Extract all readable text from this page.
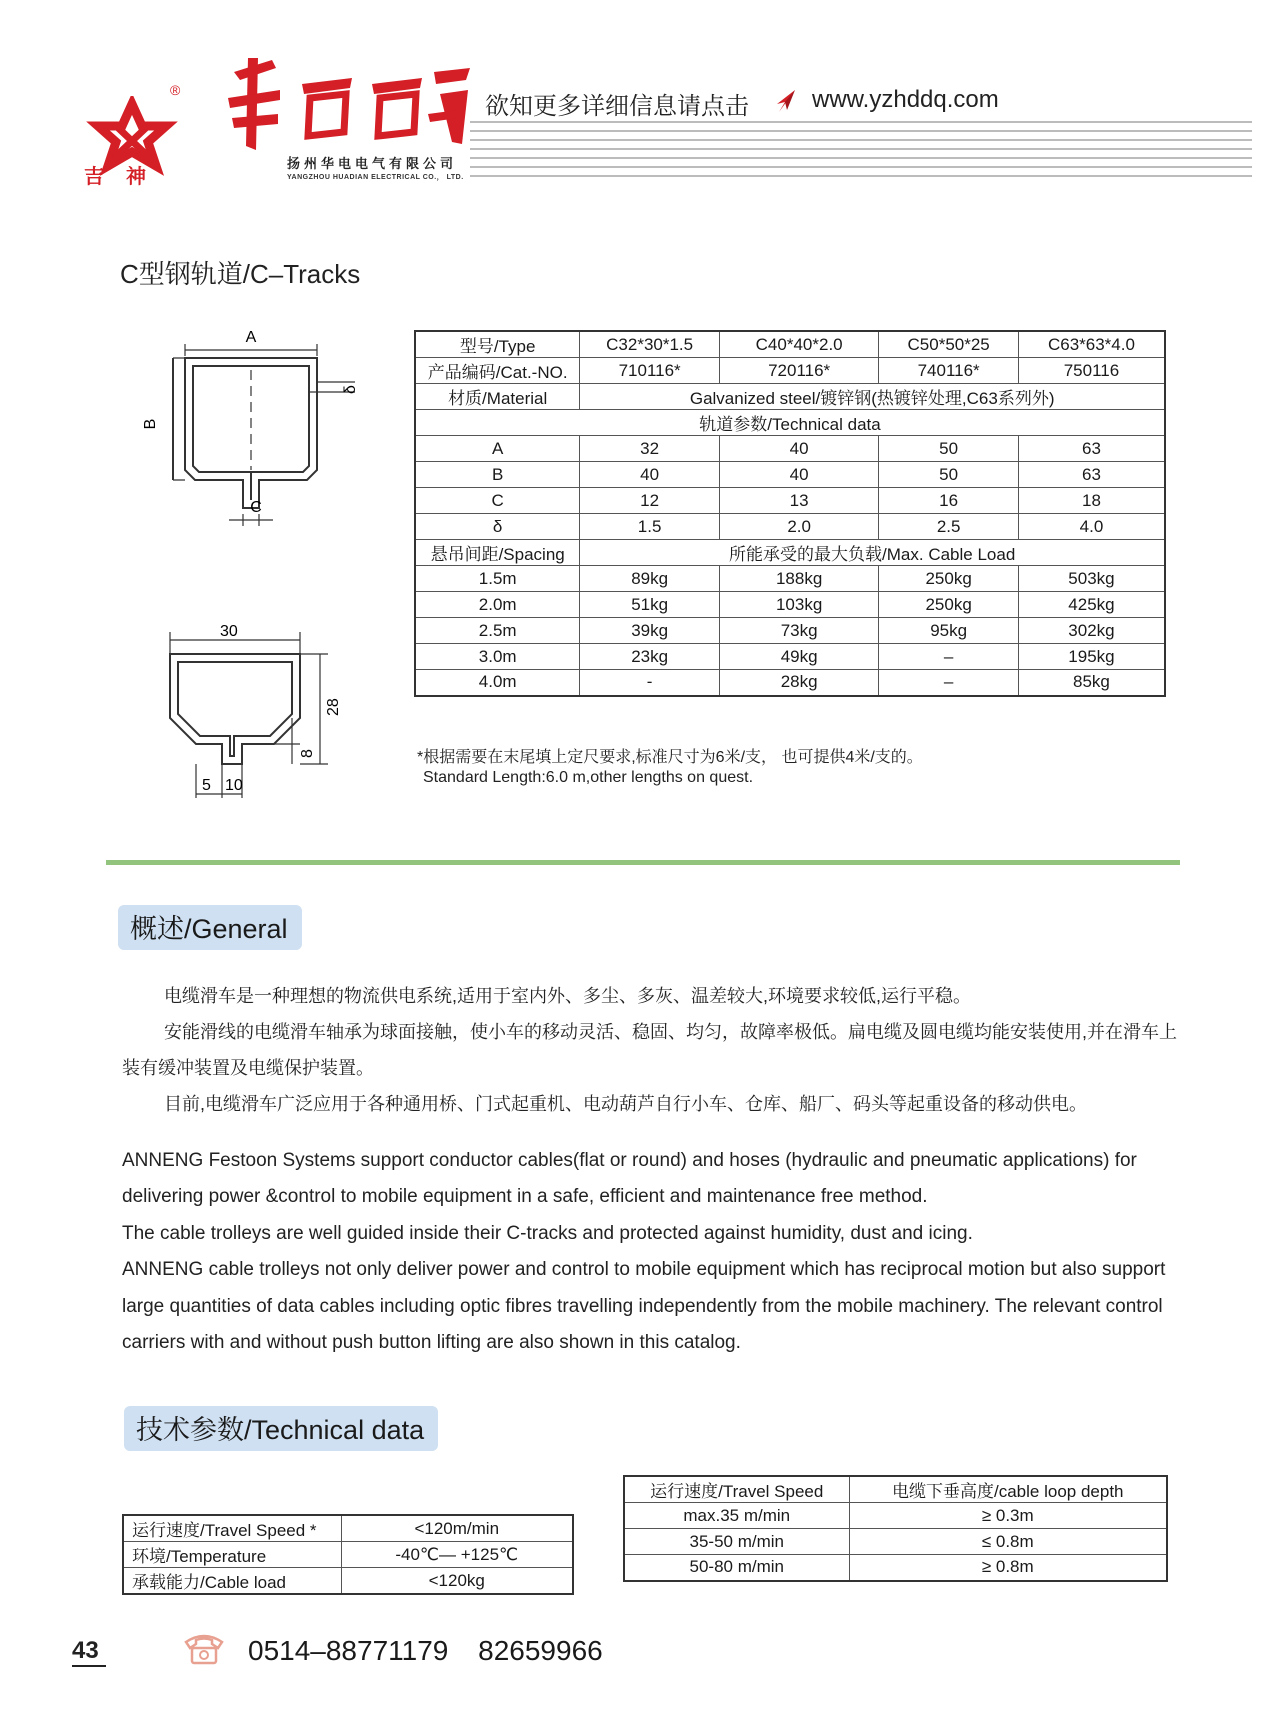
®
吉神
扬州华电电气有限公司
YANGZHOU HUADIAN ELECTRICAL CO.， LTD.
欲知更多详细信息请点击	www.yzhddq.com
C型钢轨道/C–Tracks
A
B
C
δ
30
28
8
5 10
型号/Type	C32*30*1.5	C40*40*2.0	C50*50*25	C63*63*4.0
产品编码/Cat.-NO.	710116*	720116*	740116*	750116
材质/Material	Galvanized steel/镀锌钢(热镀锌处理,C63系列外)			
轨道参数/Technical data				
A	32	40	50	63
B	40	40	50	63
C	12	13	16	18
δ	1.5	2.0	2.5	4.0
悬吊间距/Spacing	所能承受的最大负载/Max. Cable Load			
1.5m	89kg	188kg	250kg	503kg
2.0m	51kg	103kg	250kg	425kg
2.5m	39kg	73kg	95kg	302kg
3.0m	23kg	49kg	–	195kg
4.0m	-	28kg	–	85kg
*根据需要在末尾填上定尺要求,标准尺寸为6米/支， 也可提供4米/支的。
Standard Length:6.0 m,other lengths on quest.
概述/General

电缆滑车是一种理想的物流供电系统,适用于室内外、多尘、多灰、温差较大,环境要求较低,运行平稳。

安能滑线的电缆滑车轴承为球面接触，使小车的移动灵活、稳固、均匀，故障率极低。扁电缆及圆电缆均能安装使用,并在滑车上装有缓冲装置及电缆保护装置。

目前,电缆滑车广泛应用于各种通用桥、门式起重机、电动葫芦自行小车、仓库、船厂、码头等起重设备的移动供电。

ANNENG Festoon Systems support conductor cables(flat or round) and hoses (hydraulic and pneumatic applications) for delivering power &control to mobile equipment in a safe, efficient and maintenance free method.

The cable trolleys are well guided inside their C-tracks and protected against humidity, dust and icing.

ANNENG cable trolleys not only deliver power and control to mobile equipment which has reciprocal motion but also support large quantities of data cables including optic fibres travelling independently from the mobile machinery. The relevant control carriers with and without push button lifting are also shown in this catalog.

技术参数/Technical data
运行速度/Travel Speed *	<120m/min
环境/Temperature	-40℃— +125℃
承载能力/Cable load	<120kg
运行速度/Travel Speed	电缆下垂高度/cable loop depth
max.35 m/min	≥ 0.3m
35-50 m/min	≤ 0.8m
50-80 m/min	≥ 0.8m
43	0514–88771179 82659966
